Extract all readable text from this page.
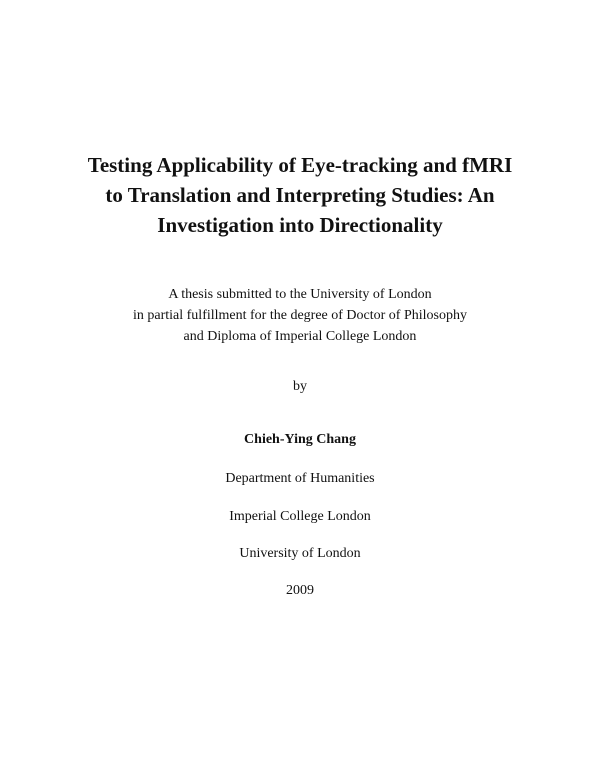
Testing Applicability of Eye-tracking and fMRI
to Translation and Interpreting Studies: An
Investigation into Directionality
A thesis submitted to the University of London
in partial fulfillment for the degree of Doctor of Philosophy
and Diploma of Imperial College London
by
Chieh-Ying Chang
Department of Humanities
Imperial College London
University of London
2009
